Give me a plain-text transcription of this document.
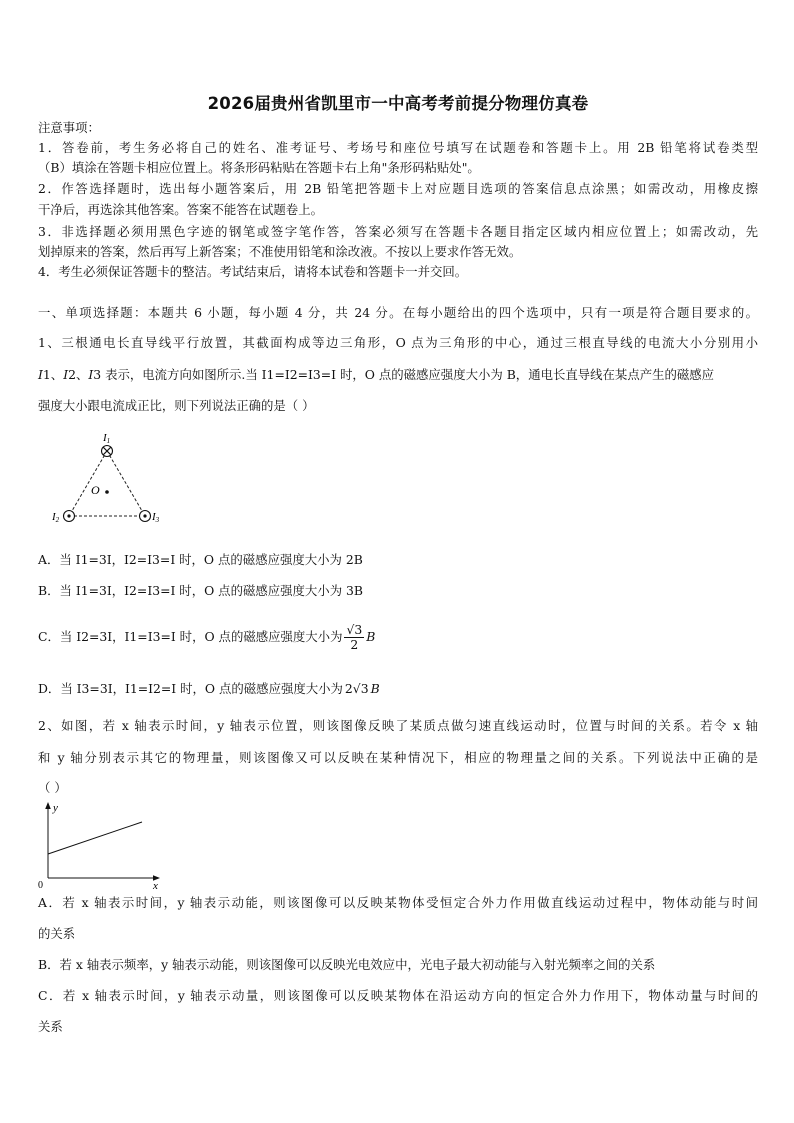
2026届贵州省凯里市一中高考考前提分物理仿真卷
注意事项：
1．答卷前，考生务必将自己的姓名、准考证号、考场号和座位号填写在试题卷和答题卡上。用 2B 铅笔将试卷类型
（B）填涂在答题卡相应位置上。将条形码粘贴在答题卡右上角"条形码粘贴处"。
2．作答选择题时，选出每小题答案后，用 2B 铅笔把答题卡上对应题目选项的答案信息点涂黑；如需改动，用橡皮擦
干净后，再选涂其他答案。答案不能答在试题卷上。
3．非选择题必须用黑色字迹的钢笔或签字笔作答，答案必须写在答题卡各题目指定区域内相应位置上；如需改动，先
划掉原来的答案，然后再写上新答案；不准使用铅笔和涂改液。不按以上要求作答无效。
4．考生必须保证答题卡的整洁。考试结束后，请将本试卷和答题卡一并交回。
一、单项选择题：本题共 6 小题，每小题 4 分，共 24 分。在每小题给出的四个选项中，只有一项是符合题目要求的。
1、三根通电长直导线平行放置，其截面构成等边三角形，O 点为三角形的中心，通过三根直导线的电流大小分别用小
I1、I2、I3 表示，电流方向如图所示.当 I1=I2=I3=I 时，O 点的磁感应强度大小为 B，通电长直导线在某点产生的磁感应
强度大小跟电流成正比，则下列说法正确的是（ ）
I1
I2	I3
O
A．当 I1=3I，I2=I3=I 时，O 点的磁感应强度大小为 2B
B．当 I1=3I，I2=I3=I 时，O 点的磁感应强度大小为 3B
C．当 I2=3I，I1=I3=I 时，O 点的磁感应强度大小为 $\frac{√3}{2}$ B
D．当 I3=3I，I1=I2=I 时，O 点的磁感应强度大小为 2√3 B
2、如图，若 x 轴表示时间，y 轴表示位置，则该图像反映了某质点做匀速直线运动时，位置与时间的关系。若令 x 轴
和 y 轴分别表示其它的物理量，则该图像又可以反映在某种情况下，相应的物理量之间的关系。下列说法中正确的是
（ ）
y
x
0
A．若 x 轴表示时间，y 轴表示动能，则该图像可以反映某物体受恒定合外力作用做直线运动过程中，物体动能与时间
的关系
B．若 x 轴表示频率，y 轴表示动能，则该图像可以反映光电效应中，光电子最大初动能与入射光频率之间的关系
C．若 x 轴表示时间，y 轴表示动量，则该图像可以反映某物体在沿运动方向的恒定合外力作用下，物体动量与时间的
关系
